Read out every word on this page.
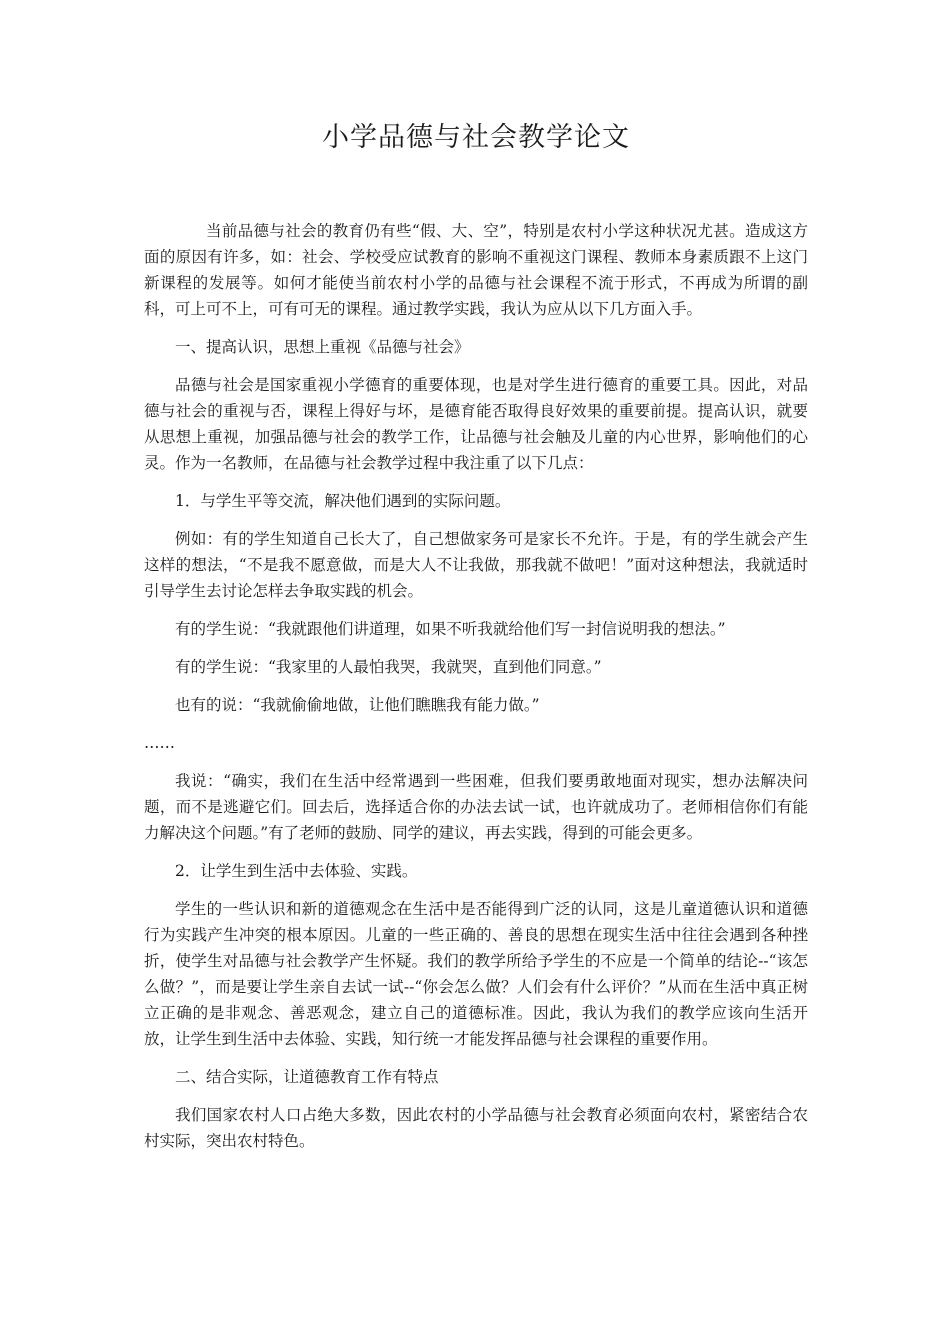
小学品德与社会教学论文

当前品德与社会的教育仍有些“假、大、空”，特别是农村小学这种状况尤甚。造成这方面的原因有许多，如：社会、学校受应试教育的影响不重视这门课程、教师本身素质跟不上这门新课程的发展等。如何才能使当前农村小学的品德与社会课程不流于形式，不再成为所谓的副科，可上可不上，可有可无的课程。通过教学实践，我认为应从以下几方面入手。

一、提高认识，思想上重视《品德与社会》

品德与社会是国家重视小学德育的重要体现，也是对学生进行德育的重要工具。因此，对品德与社会的重视与否，课程上得好与坏，是德育能否取得良好效果的重要前提。提高认识，就要从思想上重视，加强品德与社会的教学工作，让品德与社会触及儿童的内心世界，影响他们的心灵。作为一名教师，在品德与社会教学过程中我注重了以下几点：

1．与学生平等交流，解决他们遇到的实际问题。

例如：有的学生知道自己长大了，自己想做家务可是家长不允许。于是，有的学生就会产生这样的想法，“不是我不愿意做，而是大人不让我做，那我就不做吧！”面对这种想法，我就适时引导学生去讨论怎样去争取实践的机会。

有的学生说：“我就跟他们讲道理，如果不听我就给他们写一封信说明我的想法。”

有的学生说：“我家里的人最怕我哭，我就哭，直到他们同意。”

也有的说：“我就偷偷地做，让他们瞧瞧我有能力做。”

……

我说：“确实，我们在生活中经常遇到一些困难，但我们要勇敢地面对现实，想办法解决问题，而不是逃避它们。回去后，选择适合你的办法去试一试，也许就成功了。老师相信你们有能力解决这个问题。”有了老师的鼓励、同学的建议，再去实践，得到的可能会更多。

2．让学生到生活中去体验、实践。

学生的一些认识和新的道德观念在生活中是否能得到广泛的认同，这是儿童道德认识和道德行为实践产生冲突的根本原因。儿童的一些正确的、善良的思想在现实生活中往往会遇到各种挫折，使学生对品德与社会教学产生怀疑。我们的教学所给予学生的不应是一个简单的结论--“该怎么做？”，而是要让学生亲自去试一试--“你会怎么做？人们会有什么评价？”从而在生活中真正树立正确的是非观念、善恶观念，建立自己的道德标准。因此，我认为我们的教学应该向生活开放，让学生到生活中去体验、实践，知行统一才能发挥品德与社会课程的重要作用。

二、结合实际，让道德教育工作有特点

我们国家农村人口占绝大多数，因此农村的小学品德与社会教育必须面向农村，紧密结合农村实际，突出农村特色。
